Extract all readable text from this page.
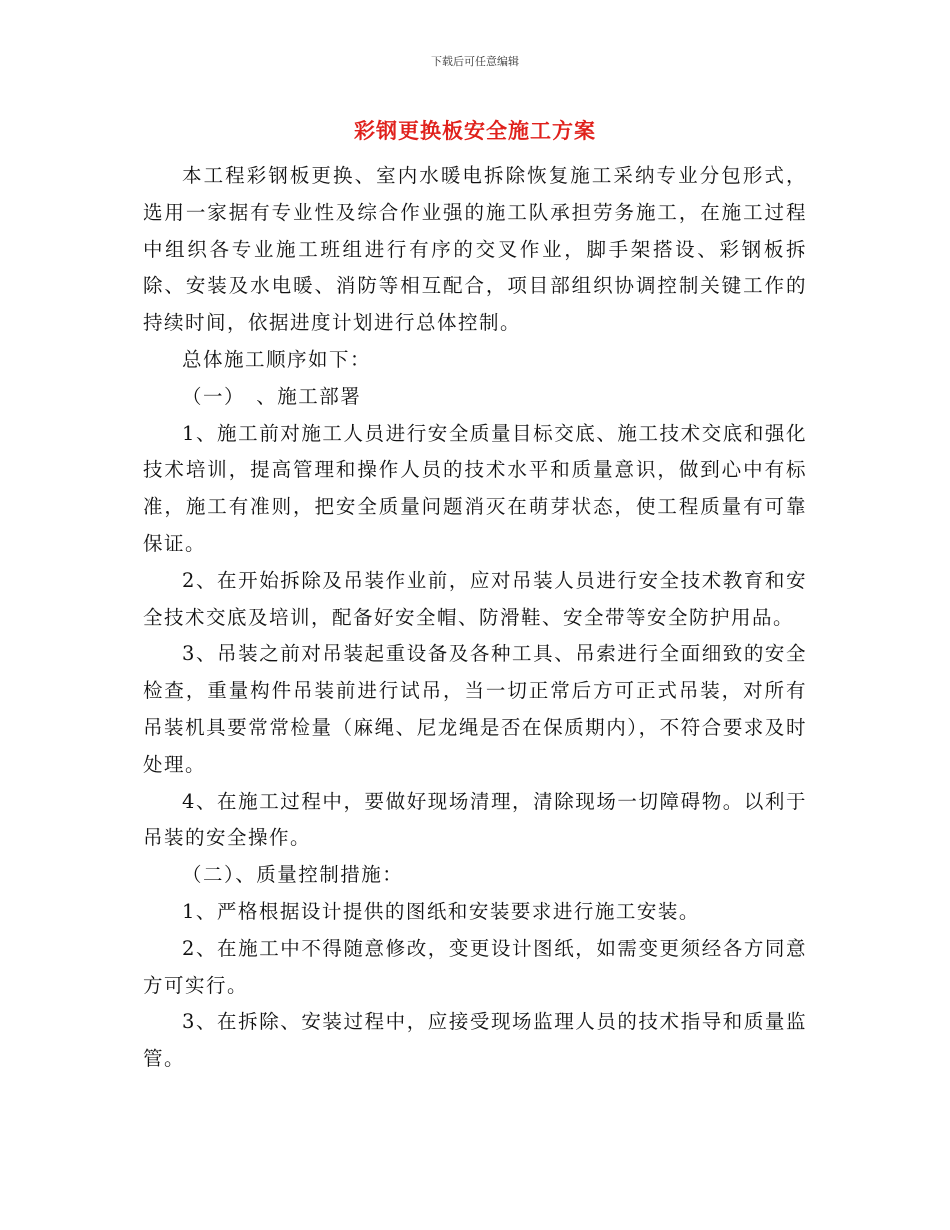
下载后可任意编辑
彩钢更换板安全施工方案

本工程彩钢板更换、室内水暖电拆除恢复施工采纳专业分包形式，选用一家据有专业性及综合作业强的施工队承担劳务施工，在施工过程中组织各专业施工班组进行有序的交叉作业，脚手架搭设、彩钢板拆除、安装及水电暖、消防等相互配合，项目部组织协调控制关键工作的持续时间，依据进度计划进行总体控制。

总体施工顺序如下：

（一）　、施工部署

1、施工前对施工人员进行安全质量目标交底、施工技术交底和强化技术培训，提高管理和操作人员的技术水平和质量意识，做到心中有标准，施工有准则，把安全质量问题消灭在萌芽状态，使工程质量有可靠保证。

2、在开始拆除及吊装作业前，应对吊装人员进行安全技术教育和安全技术交底及培训，配备好安全帽、防滑鞋、安全带等安全防护用品。

3、吊装之前对吊装起重设备及各种工具、吊索进行全面细致的安全检查，重量构件吊装前进行试吊，当一切正常后方可正式吊装，对所有吊装机具要常常检量（麻绳、尼龙绳是否在保质期内），不符合要求及时处理。

4、在施工过程中，要做好现场清理，清除现场一切障碍物。以利于吊装的安全操作。

（二）、质量控制措施：

1、严格根据设计提供的图纸和安装要求进行施工安装。

2、在施工中不得随意修改，变更设计图纸，如需变更须经各方同意方可实行。

3、在拆除、安装过程中，应接受现场监理人员的技术指导和质量监管。
